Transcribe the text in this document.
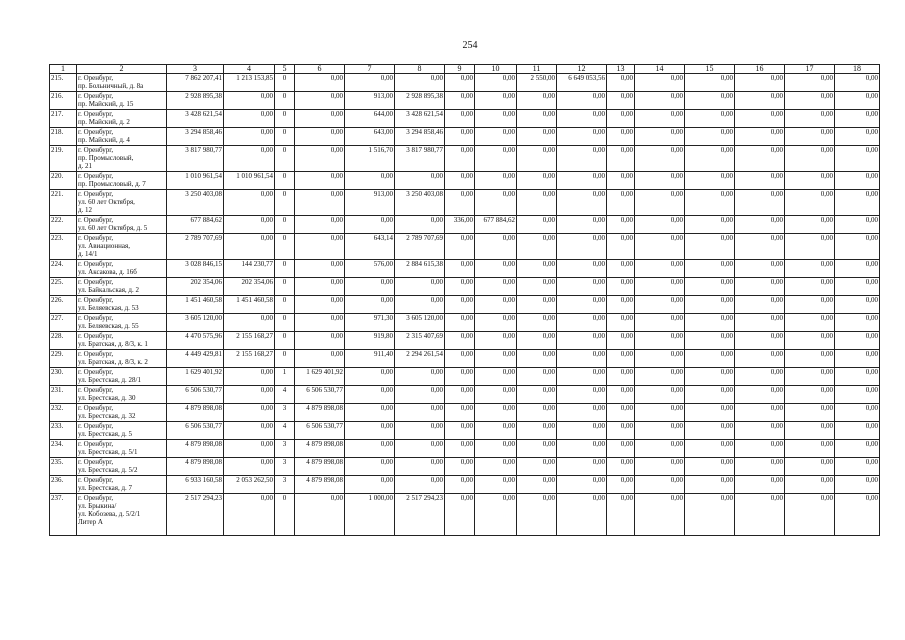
254
1	2	3	4	5	6	7	8	9	10	11	12	13	14	15	16	17	18
215.	г. Оренбург,
пр. Больничный, д. 8а	7 862 207,41	1 213 153,85	0	0,00	0,00	0,00	0,00	0,00	2 550,00	6 649 053,56	0,00	0,00	0,00	0,00	0,00	0,00
216.	г. Оренбург,
пр. Майский, д. 15	2 928 895,38	0,00	0	0,00	913,00	2 928 895,38	0,00	0,00	0,00	0,00	0,00	0,00	0,00	0,00	0,00	0,00
217.	г. Оренбург,
пр. Майский, д. 2	3 428 621,54	0,00	0	0,00	644,00	3 428 621,54	0,00	0,00	0,00	0,00	0,00	0,00	0,00	0,00	0,00	0,00
218.	г. Оренбург,
пр. Майский, д. 4	3 294 858,46	0,00	0	0,00	643,00	3 294 858,46	0,00	0,00	0,00	0,00	0,00	0,00	0,00	0,00	0,00	0,00
219.	г. Оренбург,
пр. Промысловый,
д. 21	3 817 980,77	0,00	0	0,00	1 516,70	3 817 980,77	0,00	0,00	0,00	0,00	0,00	0,00	0,00	0,00	0,00	0,00
220.	г. Оренбург,
пр. Промысловый, д. 7	1 010 961,54	1 010 961,54	0	0,00	0,00	0,00	0,00	0,00	0,00	0,00	0,00	0,00	0,00	0,00	0,00	0,00
221.	г. Оренбург,
ул. 60 лет Октября,
д. 12	3 250 403,08	0,00	0	0,00	913,00	3 250 403,08	0,00	0,00	0,00	0,00	0,00	0,00	0,00	0,00	0,00	0,00
222.	г. Оренбург,
ул. 60 лет Октября, д. 5	677 884,62	0,00	0	0,00	0,00	0,00	336,00	677 884,62	0,00	0,00	0,00	0,00	0,00	0,00	0,00	0,00
223.	г. Оренбург,
ул. Авиационная,
д. 14/1	2 789 707,69	0,00	0	0,00	643,14	2 789 707,69	0,00	0,00	0,00	0,00	0,00	0,00	0,00	0,00	0,00	0,00
224.	г. Оренбург,
ул. Аксакова, д. 16б	3 028 846,15	144 230,77	0	0,00	576,00	2 884 615,38	0,00	0,00	0,00	0,00	0,00	0,00	0,00	0,00	0,00	0,00
225.	г. Оренбург,
ул. Байкальская, д. 2	202 354,06	202 354,06	0	0,00	0,00	0,00	0,00	0,00	0,00	0,00	0,00	0,00	0,00	0,00	0,00	0,00
226.	г. Оренбург,
ул. Беляевская, д. 53	1 451 460,58	1 451 460,58	0	0,00	0,00	0,00	0,00	0,00	0,00	0,00	0,00	0,00	0,00	0,00	0,00	0,00
227.	г. Оренбург,
ул. Беляевская, д. 55	3 605 120,00	0,00	0	0,00	971,30	3 605 120,00	0,00	0,00	0,00	0,00	0,00	0,00	0,00	0,00	0,00	0,00
228.	г. Оренбург,
ул. Братская, д. 8/3, к. 1	4 470 575,96	2 155 168,27	0	0,00	919,80	2 315 407,69	0,00	0,00	0,00	0,00	0,00	0,00	0,00	0,00	0,00	0,00
229.	г. Оренбург,
ул. Братская, д. 8/3, к. 2	4 449 429,81	2 155 168,27	0	0,00	911,40	2 294 261,54	0,00	0,00	0,00	0,00	0,00	0,00	0,00	0,00	0,00	0,00
230.	г. Оренбург,
ул. Брестская, д. 28/1	1 629 401,92	0,00	1	1 629 401,92	0,00	0,00	0,00	0,00	0,00	0,00	0,00	0,00	0,00	0,00	0,00	0,00
231.	г. Оренбург,
ул. Брестская, д. 30	6 506 530,77	0,00	4	6 506 530,77	0,00	0,00	0,00	0,00	0,00	0,00	0,00	0,00	0,00	0,00	0,00	0,00
232.	г. Оренбург,
ул. Брестская, д. 32	4 879 898,08	0,00	3	4 879 898,08	0,00	0,00	0,00	0,00	0,00	0,00	0,00	0,00	0,00	0,00	0,00	0,00
233.	г. Оренбург,
ул. Брестская, д. 5	6 506 530,77	0,00	4	6 506 530,77	0,00	0,00	0,00	0,00	0,00	0,00	0,00	0,00	0,00	0,00	0,00	0,00
234.	г. Оренбург,
ул. Брестская, д. 5/1	4 879 898,08	0,00	3	4 879 898,08	0,00	0,00	0,00	0,00	0,00	0,00	0,00	0,00	0,00	0,00	0,00	0,00
235.	г. Оренбург,
ул. Брестская, д. 5/2	4 879 898,08	0,00	3	4 879 898,08	0,00	0,00	0,00	0,00	0,00	0,00	0,00	0,00	0,00	0,00	0,00	0,00
236.	г. Оренбург,
ул. Брестская, д. 7	6 933 160,58	2 053 262,50	3	4 879 898,08	0,00	0,00	0,00	0,00	0,00	0,00	0,00	0,00	0,00	0,00	0,00	0,00
237.	г. Оренбург,
ул. Брыкина/
ул. Кобозева, д. 5/2/1
Литер А	2 517 294,23	0,00	0	0,00	1 000,00	2 517 294,23	0,00	0,00	0,00	0,00	0,00	0,00	0,00	0,00	0,00	0,00
